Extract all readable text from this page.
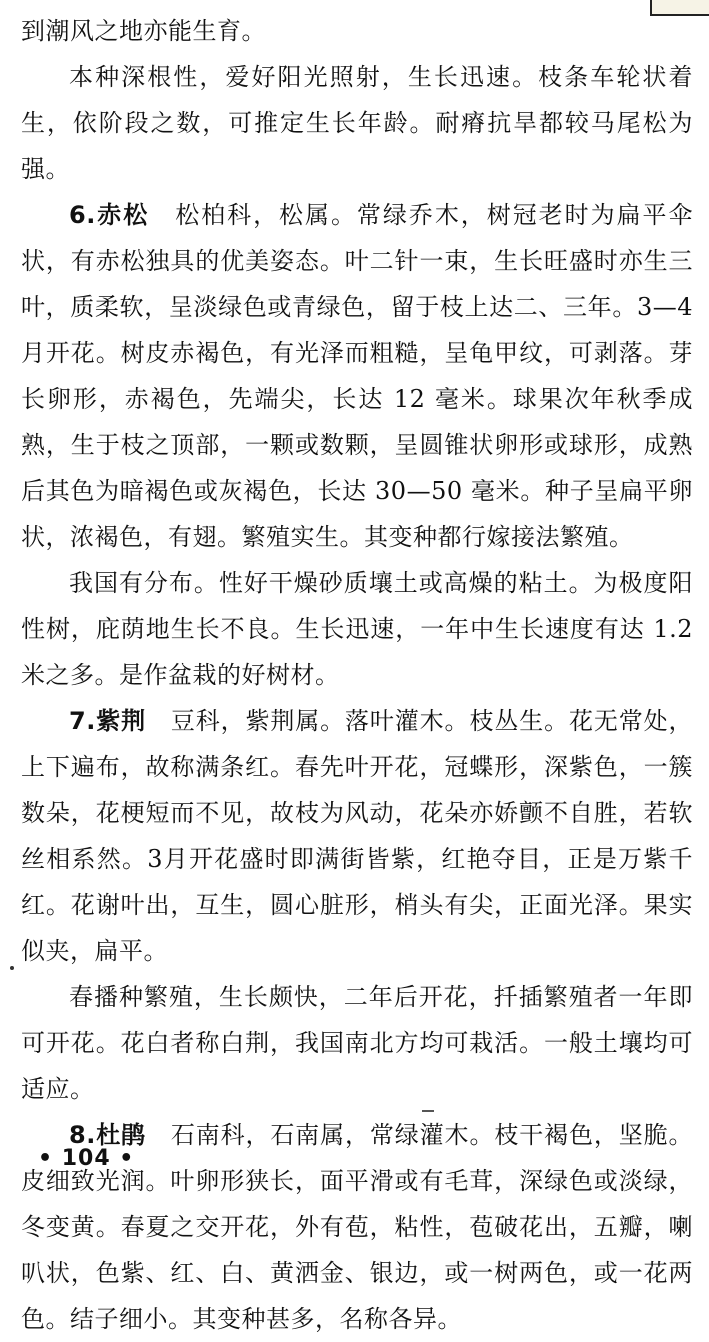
到潮风之地亦能生育。

本种深根性，爱好阳光照射，生长迅速。枝条车轮状着生，依阶段之数，可推定生长年龄。耐瘠抗旱都较马尾松为强。

6.赤松　 松柏科，松属。常绿乔木，树冠老时为扁平伞状，有赤松独具的优美姿态。叶二针一束，生长旺盛时亦生三叶，质柔软，呈淡绿色或青绿色，留于枝上达二、三年。3—4月开花。树皮赤褐色，有光泽而粗糙，呈龟甲纹，可剥落。芽长卵形，赤褐色，先端尖，长达 12 毫米。球果次年秋季成熟，生于枝之顶部，一颗或数颗，呈圆锥状卵形或球形，成熟后其色为暗褐色或灰褐色，长达 30—50 毫米。种子呈扁平卵状，浓褐色，有翅。繁殖实生。其变种都行嫁接法繁殖。

我国有分布。性好干燥砂质壤土或高燥的粘土。为极度阳性树，庇荫地生长不良。生长迅速，一年中生长速度有达 1.2 米之多。是作盆栽的好树材。

7.紫荆　 豆科，紫荆属。落叶灌木。枝丛生。花无常处，上下遍布，故称满条红。春先叶开花，冠蝶形，深紫色，一簇数朵，花梗短而不见，故枝为风动，花朵亦娇颤不自胜，若软丝相系然。3月开花盛时即满街皆紫，红艳夺目，正是万紫千红。花谢叶出，互生，圆心脏形，梢头有尖，正面光泽。果实似夹，扁平。

春播种繁殖，生长颇快，二年后开花，扦插繁殖者一年即可开花。花白者称白荆，我国南北方均可栽活。一般土壤均可适应。

8.杜鹃　 石南科，石南属，常绿灌木。枝干褐色，坚脆。皮细致光润。叶卵形狭长，面平滑或有毛茸，深绿色或淡绿，冬变黄。春夏之交开花，外有苞，粘性，苞破花出，五瓣，喇叭状，色紫、红、白、黄洒金、银边，或一树两色，或一花两色。结子细小。其变种甚多，名称各异。

• 104 •
